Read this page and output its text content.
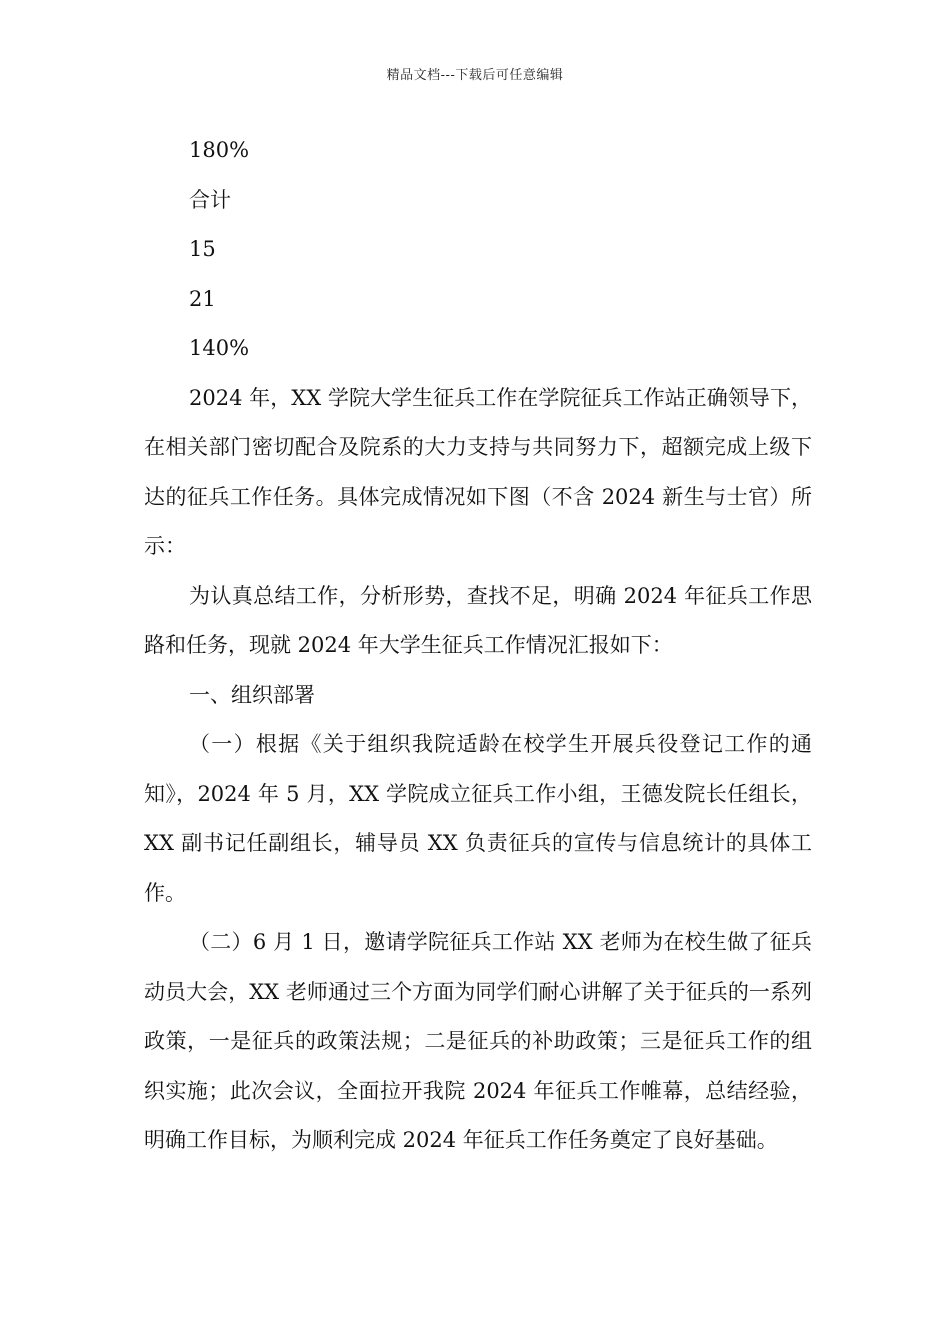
精品文档---下载后可任意编辑

180%

合计

15

21

140%

2024 年，XX 学院大学生征兵工作在学院征兵工作站正确领导下，在相关部门密切配合及院系的大力支持与共同努力下，超额完成上级下达的征兵工作任务。具体完成情况如下图（不含 2024 新生与士官）所示：

为认真总结工作，分析形势，查找不足，明确 2024 年征兵工作思路和任务，现就 2024 年大学生征兵工作情况汇报如下：

一、组织部署

（一）根据《关于组织我院适龄在校学生开展兵役登记工作的通知》，2024 年 5 月，XX 学院成立征兵工作小组，王德发院长任组长，XX 副书记任副组长，辅导员 XX 负责征兵的宣传与信息统计的具体工作。

（二）6 月 1 日，邀请学院征兵工作站 XX 老师为在校生做了征兵动员大会，XX 老师通过三个方面为同学们耐心讲解了关于征兵的一系列政策，一是征兵的政策法规；二是征兵的补助政策；三是征兵工作的组织实施；此次会议，全面拉开我院 2024 年征兵工作帷幕，总结经验，明确工作目标，为顺利完成 2024 年征兵工作任务奠定了良好基础。
